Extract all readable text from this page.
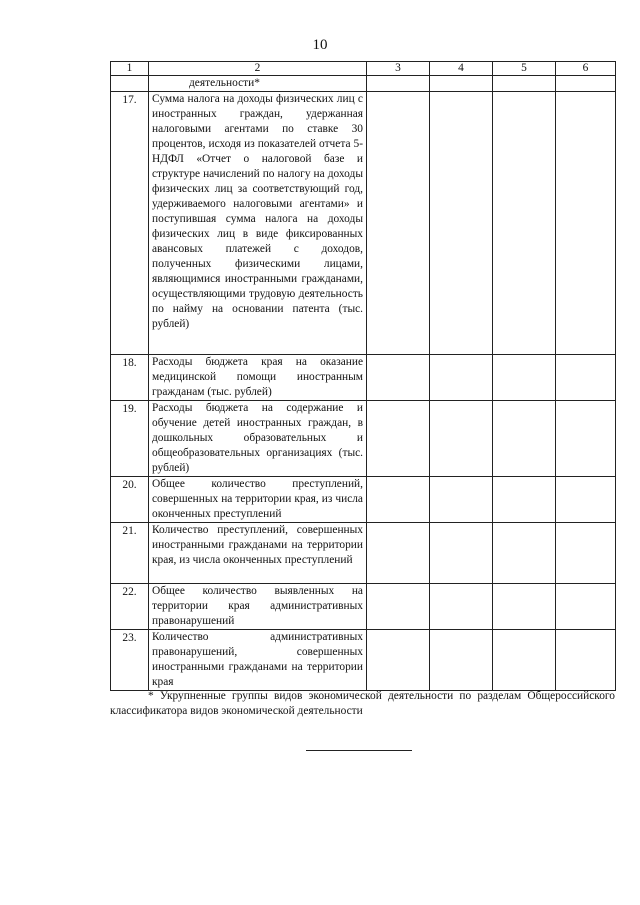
10
1	2	3	4	5	6
	деятельности*				
17.	Сумма налога на доходы физических лиц с иностранных граждан, удержанная налоговыми агентами по ставке 30 процентов, исходя из показателей отчета 5-НДФЛ «Отчет о налоговой базе и структуре начислений по налогу на доходы физических лиц за соответствующий год, удерживаемого налоговыми агентами» и поступившая сумма налога на доходы физических лиц в виде фиксированных авансовых платежей с доходов, полученных физическими лицами, являющимися иностранными гражданами, осуществляющими трудовую деятельность по найму на основании патента (тыс. рублей)				
18.	Расходы бюджета края на оказание медицинской помощи иностранным гражданам (тыс. рублей)				
19.	Расходы бюджета на содержание и обучение детей иностранных граждан, в дошкольных образовательных и общеобразовательных организациях (тыс. рублей)				
20.	Общее количество преступлений, совершенных на территории края, из числа оконченных преступлений				
21.	Количество преступлений, совершенных иностранными гражданами на территории края, из числа оконченных преступлений				
22.	Общее количество выявленных на территории края административных правонарушений				
23.	Количество административных правонарушений, совершенных иностранными гражданами на территории края				
* Укрупненные группы видов экономической деятельности по разделам Общероссийского классификатора видов экономической деятельности
